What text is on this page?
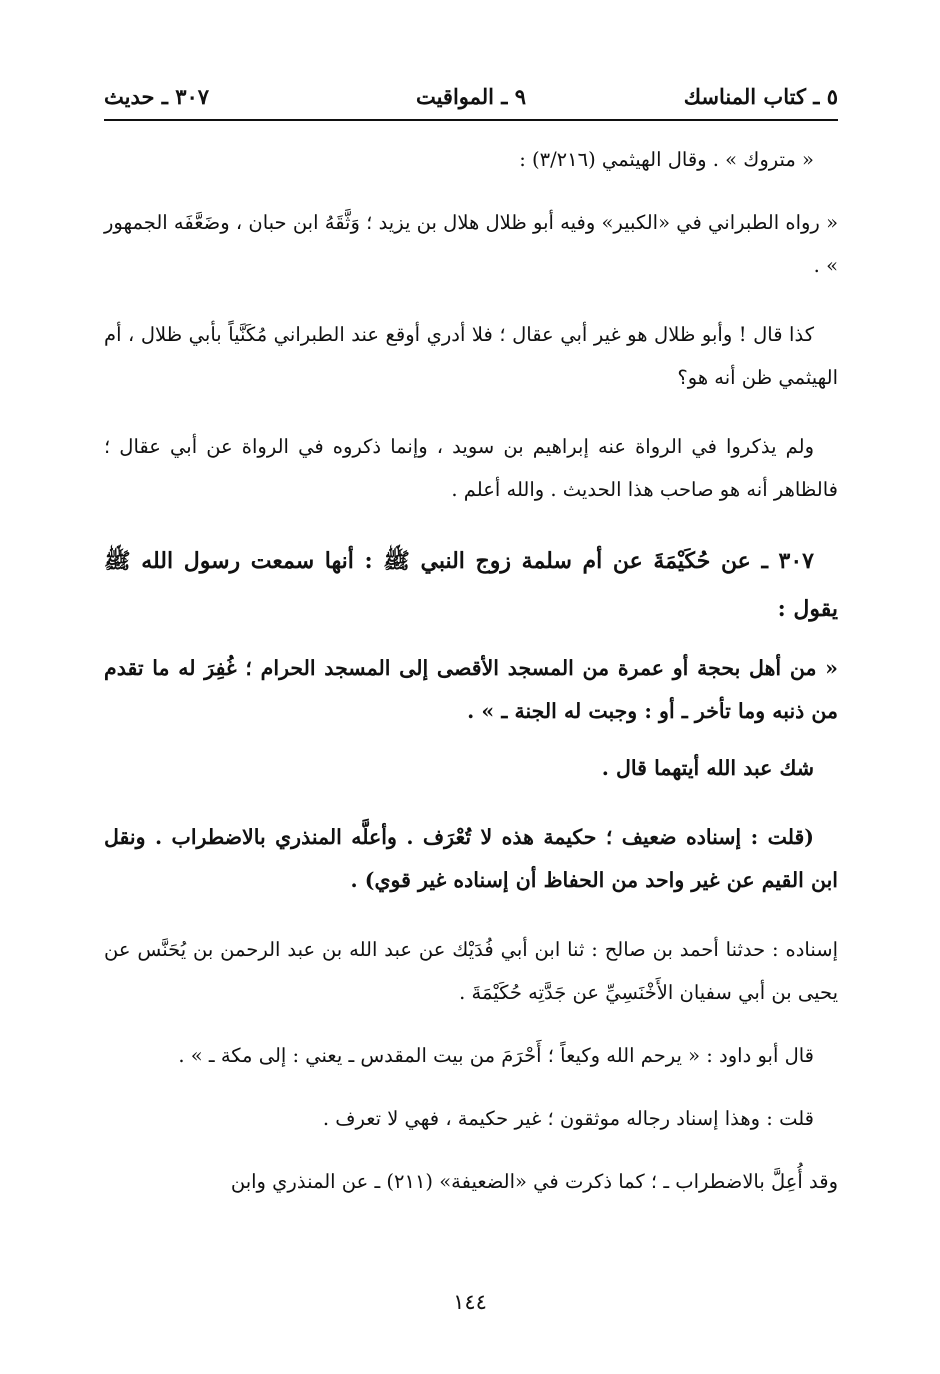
٥ ـ كتاب المناسك
٩ ـ المواقيت
٣٠٧ ـ حديث

« متروك » . وقال الهيثمي (٣/٢١٦) :

« رواه الطبراني في «الكبير» وفيه أبو ظلال هلال بن يزيد ؛ وَثَّقَهُ ابن حبان ، وضَعَّفَه الجمهور » .

كذا قال ! وأبو ظلال هو غير أبي عقال ؛ فلا أدري أوقع عند الطبراني مُكَنَّياً بأبي ظلال ، أم الهيثمي ظن أنه هو؟

ولم يذكروا في الرواة عنه إبراهيم بن سويد ، وإنما ذكروه في الرواة عن أبي عقال ؛ فالظاهر أنه هو صاحب هذا الحديث . والله أعلم .

٣٠٧ ـ عن حُكَيْمَةَ عن أم سلمة زوج النبي ﷺ : أنها سمعت رسول الله ﷺ يقول :

« من أهل بحجة أو عمرة من المسجد الأقصى إلى المسجد الحرام ؛ غُفِرَ له ما تقدم من ذنبه وما تأخر ـ أو : وجبت له الجنة ـ » .

شك عبد الله أيتهما قال .

(قلت : إسناده ضعيف ؛ حكيمة هذه لا تُعْرَف . وأعلَّه المنذري بالاضطراب . ونقل ابن القيم عن غير واحد من الحفاظ أن إسناده غير قوي) .

إسناده : حدثنا أحمد بن صالح : ثنا ابن أبي فُدَيْك عن عبد الله بن عبد الرحمن بن يُحَنَّس عن يحيى بن أبي سفيان الأَخْنَسِيِّ عن جَدَّتِه حُكَيْمَةَ .

قال أبو داود : « يرحم الله وكيعاً ؛ أَحْرَمَ من بيت المقدس ـ يعني : إلى مكة ـ » .

قلت : وهذا إسناد رجاله موثقون ؛ غير حكيمة ، فهي لا تعرف .

وقد أُعِلَّ بالاضطراب ـ ؛ كما ذكرت في «الضعيفة» (٢١١) ـ عن المنذري وابن

١٤٤
